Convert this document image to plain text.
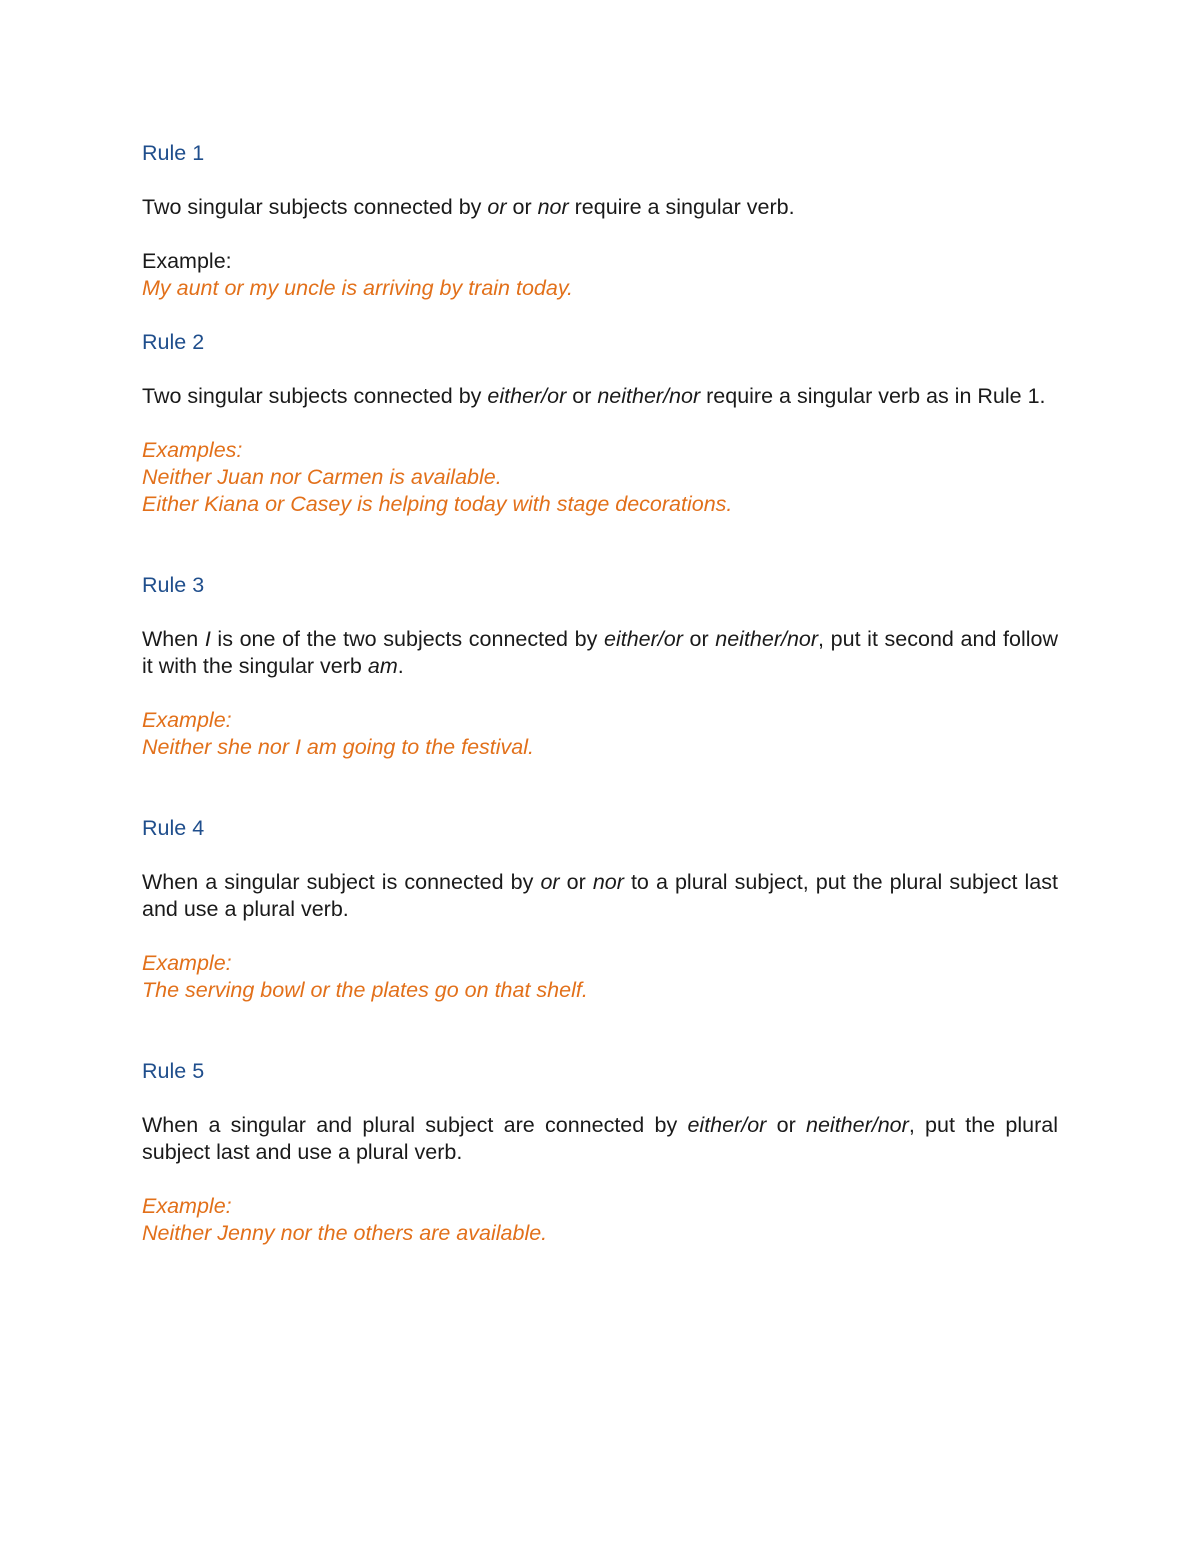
Rule 1

Two singular subjects connected by or or nor require a singular verb.

Example:

My aunt or my uncle is arriving by train today.

Rule 2

Two singular subjects connected by either/or or neither/nor require a singular verb as in Rule 1.

Examples:

Neither Juan nor Carmen is available.

Either Kiana or Casey is helping today with stage decorations.

Rule 3

When I is one of the two subjects connected by either/or or neither/nor, put it second and follow it with the singular verb am.

Example:

Neither she nor I am going to the festival.

Rule 4

When a singular subject is connected by or or nor to a plural subject, put the plural subject last and use a plural verb.

Example:

The serving bowl or the plates go on that shelf.

Rule 5

When a singular and plural subject are connected by either/or or neither/nor, put the plural subject last and use a plural verb.

Example:

Neither Jenny nor the others are available.
